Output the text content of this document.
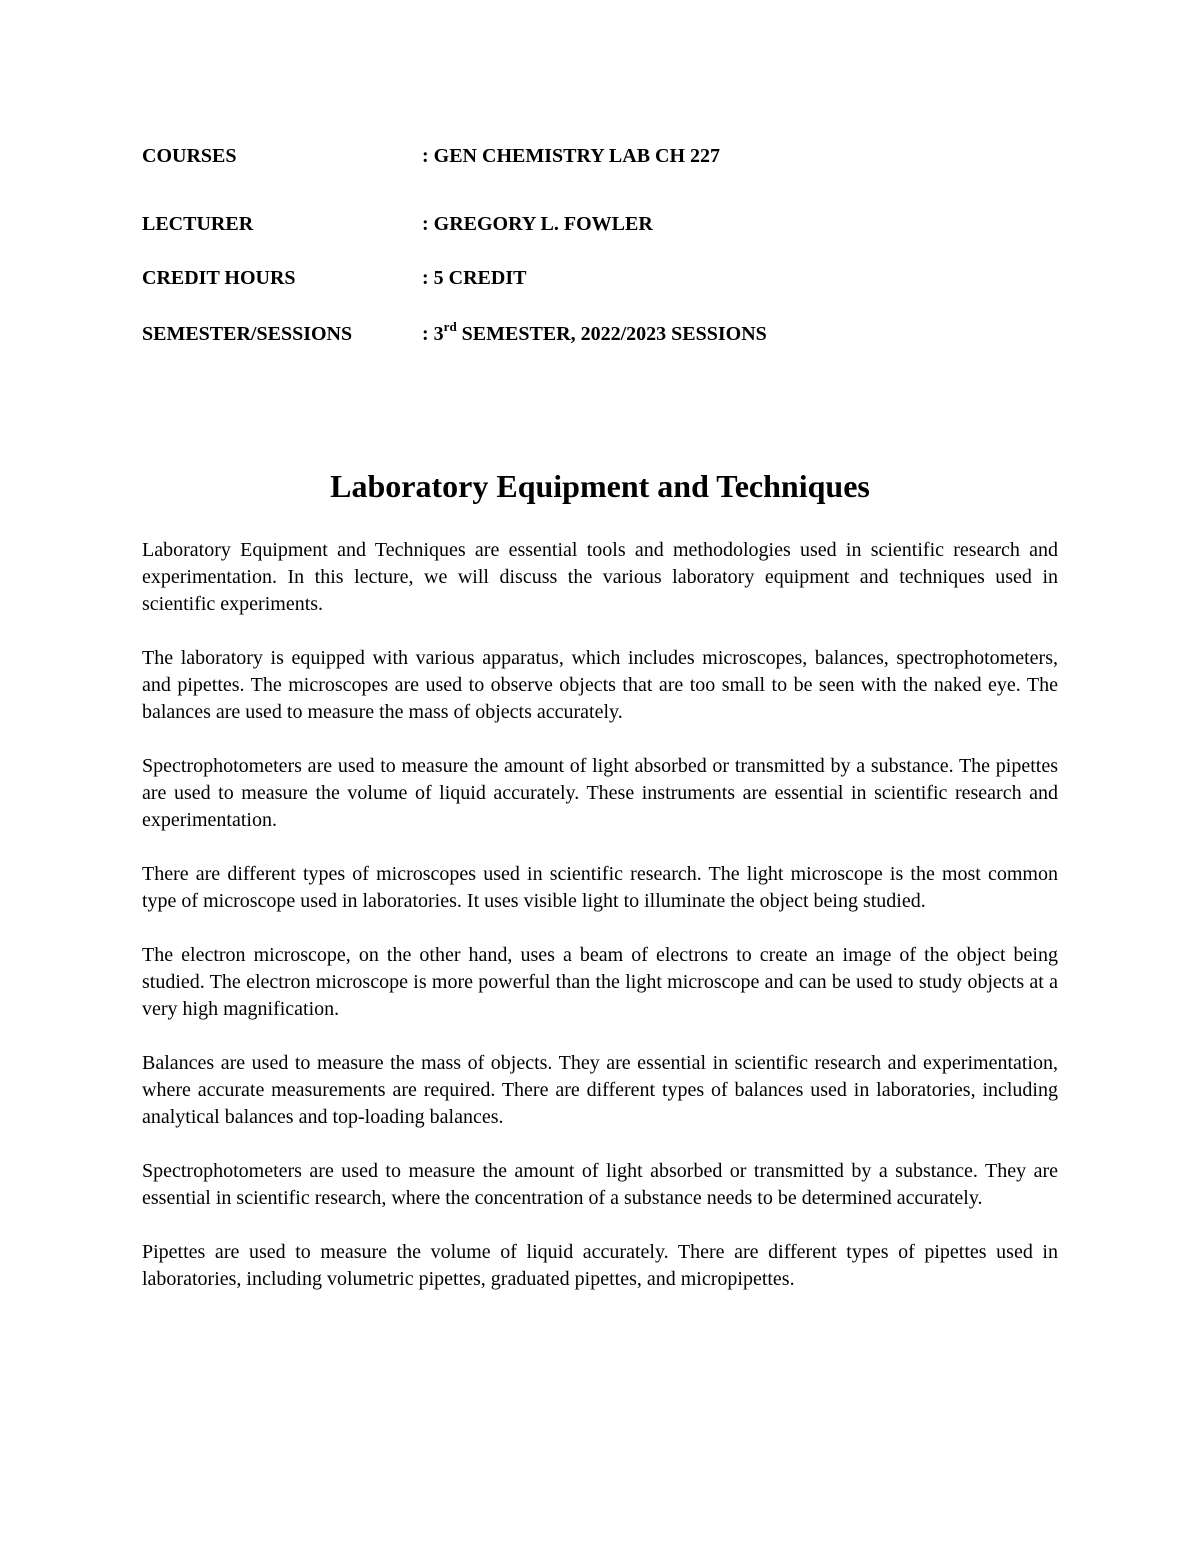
COURSES	: GEN CHEMISTRY LAB CH 227
LECTURER	: GREGORY L. FOWLER
CREDIT HOURS	: 5 CREDIT
SEMESTER/SESSIONS	: 3rd SEMESTER, 2022/2023 SESSIONS
Laboratory Equipment and Techniques

Laboratory Equipment and Techniques are essential tools and methodologies used in scientific research and experimentation. In this lecture, we will discuss the various laboratory equipment and techniques used in scientific experiments.

The laboratory is equipped with various apparatus, which includes microscopes, balances, spectrophotometers, and pipettes. The microscopes are used to observe objects that are too small to be seen with the naked eye. The balances are used to measure the mass of objects accurately.

Spectrophotometers are used to measure the amount of light absorbed or transmitted by a substance. The pipettes are used to measure the volume of liquid accurately. These instruments are essential in scientific research and experimentation.

There are different types of microscopes used in scientific research. The light microscope is the most common type of microscope used in laboratories. It uses visible light to illuminate the object being studied.

The electron microscope, on the other hand, uses a beam of electrons to create an image of the object being studied. The electron microscope is more powerful than the light microscope and can be used to study objects at a very high magnification.

Balances are used to measure the mass of objects. They are essential in scientific research and experimentation, where accurate measurements are required. There are different types of balances used in laboratories, including analytical balances and top-loading balances.

Spectrophotometers are used to measure the amount of light absorbed or transmitted by a substance. They are essential in scientific research, where the concentration of a substance needs to be determined accurately.

Pipettes are used to measure the volume of liquid accurately. There are different types of pipettes used in laboratories, including volumetric pipettes, graduated pipettes, and micropipettes.
